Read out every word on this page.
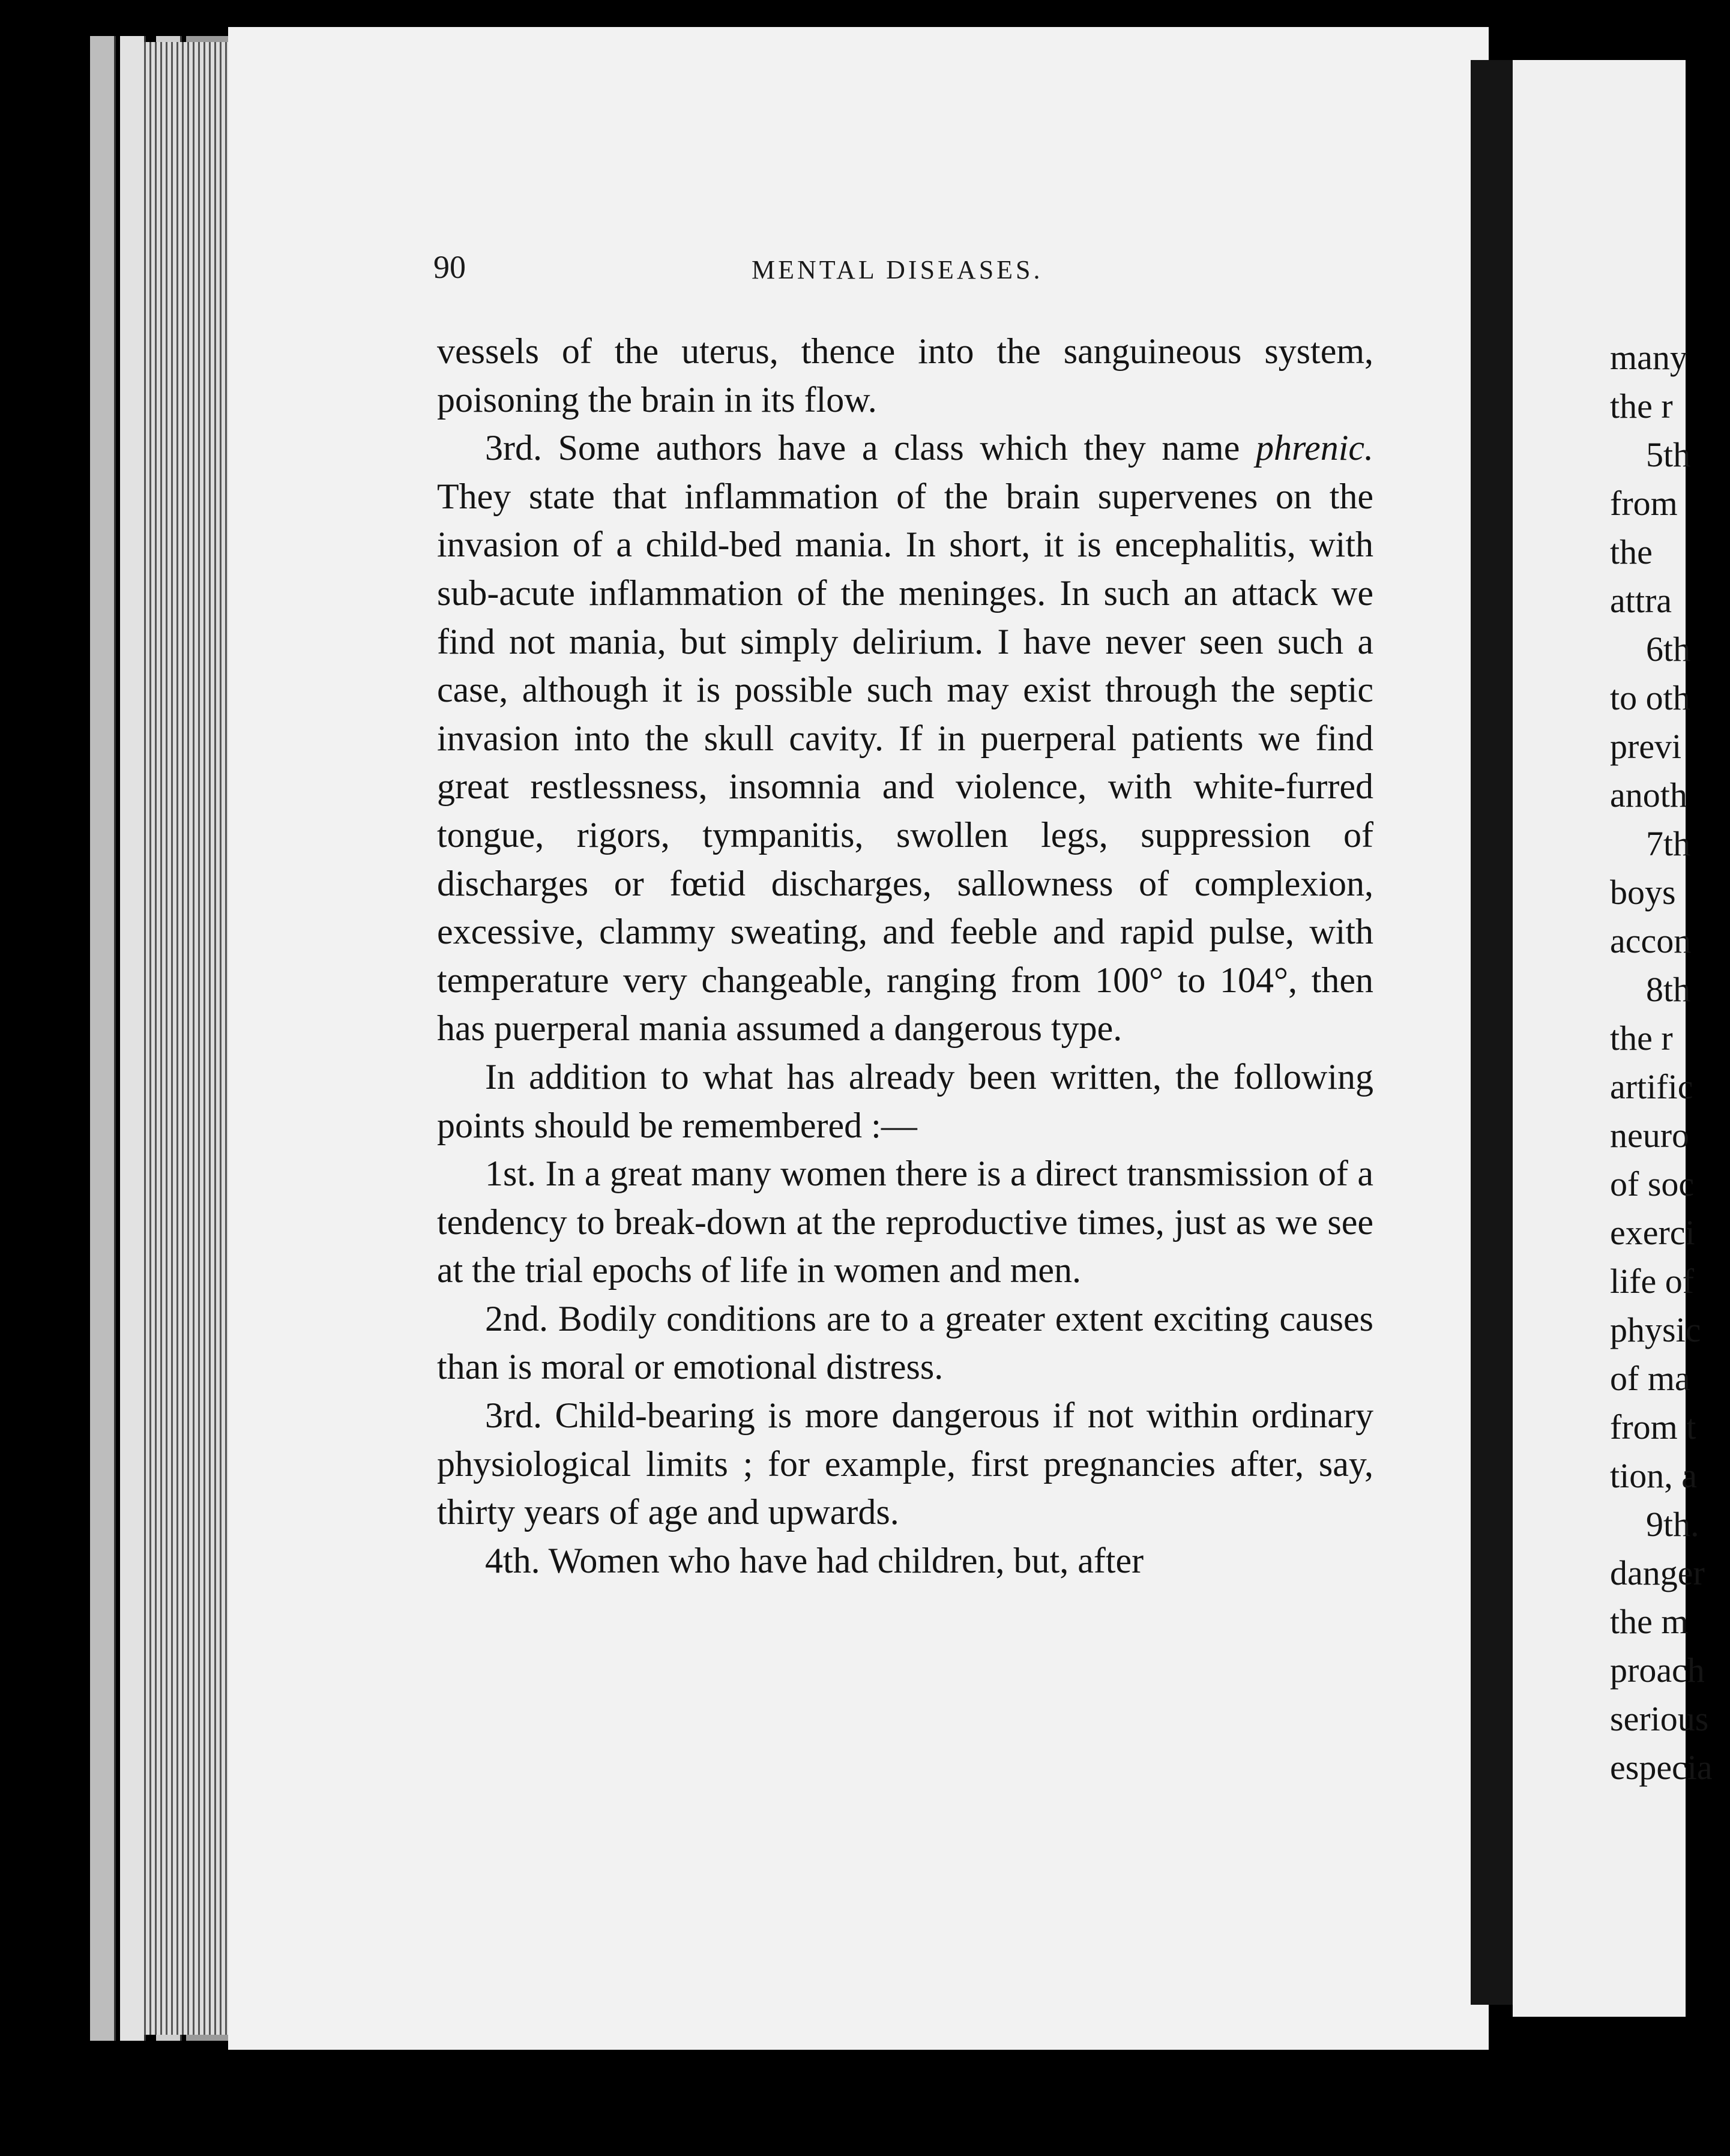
90	MENTAL DISEASES.

vessels of the uterus, thence into the sanguineous system, poisoning the brain in its flow.

3rd. Some authors have a class which they name phrenic. They state that inflammation of the brain supervenes on the invasion of a child-bed mania. In short, it is encephalitis, with sub-acute inflammation of the meninges. In such an attack we find not mania, but simply delirium. I have never seen such a case, although it is possible such may exist through the septic invasion into the skull cavity. If in puerperal patients we find great restlessness, insomnia and violence, with white-furred tongue, rigors, tympanitis, swollen legs, suppression of discharges or fœtid discharges, sallowness of complexion, excessive, clammy sweating, and feeble and rapid pulse, with temperature very changeable, ranging from 100° to 104°, then has puerperal mania assumed a dangerous type.

In addition to what has already been written, the following points should be remembered :—

1st. In a great many women there is a direct transmission of a tendency to break-down at the reproductive times, just as we see at the trial epochs of life in women and men.

2nd. Bodily conditions are to a greater extent exciting causes than is moral or emotional distress.

3rd. Child-bearing is more dangerous if not within ordinary physiological limits ; for example, first pregnancies after, say, thirty years of age and upwards.

4th. Women who have had children, but, after

many
the r
5th
from
the
attra
6th
to oth
previ
anoth
7th
boys
accon
8th
the r
artific
neuro
of soc
exerci
life of
physic
of ma
from t
tion, a
9th.
danger
the m
proach
serious
especia
